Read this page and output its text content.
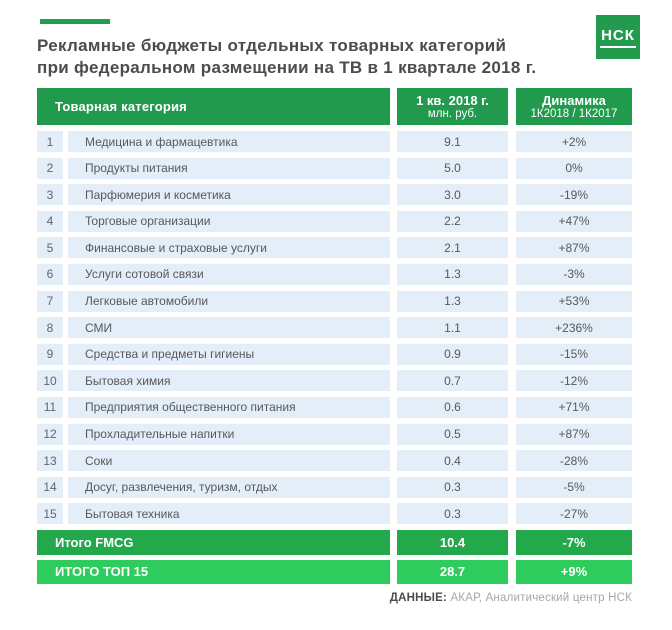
НСК
Рекламные бюджеты отдельных товарных категорий
при федеральном размещении на ТВ в 1 квартале 2018 г.
Товарная категория	1 кв. 2018 г.
млн. руб.
Динамика
1К2018 / 1К2017
1	Медицина и фармацевтика	9.1	+2%
2	Продукты питания	5.0	0%
3	Парфюмерия и косметика	3.0	-19%
4	Торговые организации	2.2	+47%
5	Финансовые и страховые услуги	2.1	+87%
6	Услуги сотовой связи	1.3	-3%
7	Легковые автомобили	1.3	+53%
8	СМИ	1.1	+236%
9	Средства и предметы гигиены	0.9	-15%
10	Бытовая химия	0.7	-12%
11	Предприятия общественного питания	0.6	+71%
12	Прохладительные напитки	0.5	+87%
13	Соки	0.4	-28%
14	Досуг, развлечения, туризм, отдых	0.3	-5%
15	Бытовая техника	0.3	-27%
Итого FMCG	10.4	-7%
ИТОГО ТОП 15	28.7	+9%
ДАННЫЕ: АКАР, Аналитический центр НСК
